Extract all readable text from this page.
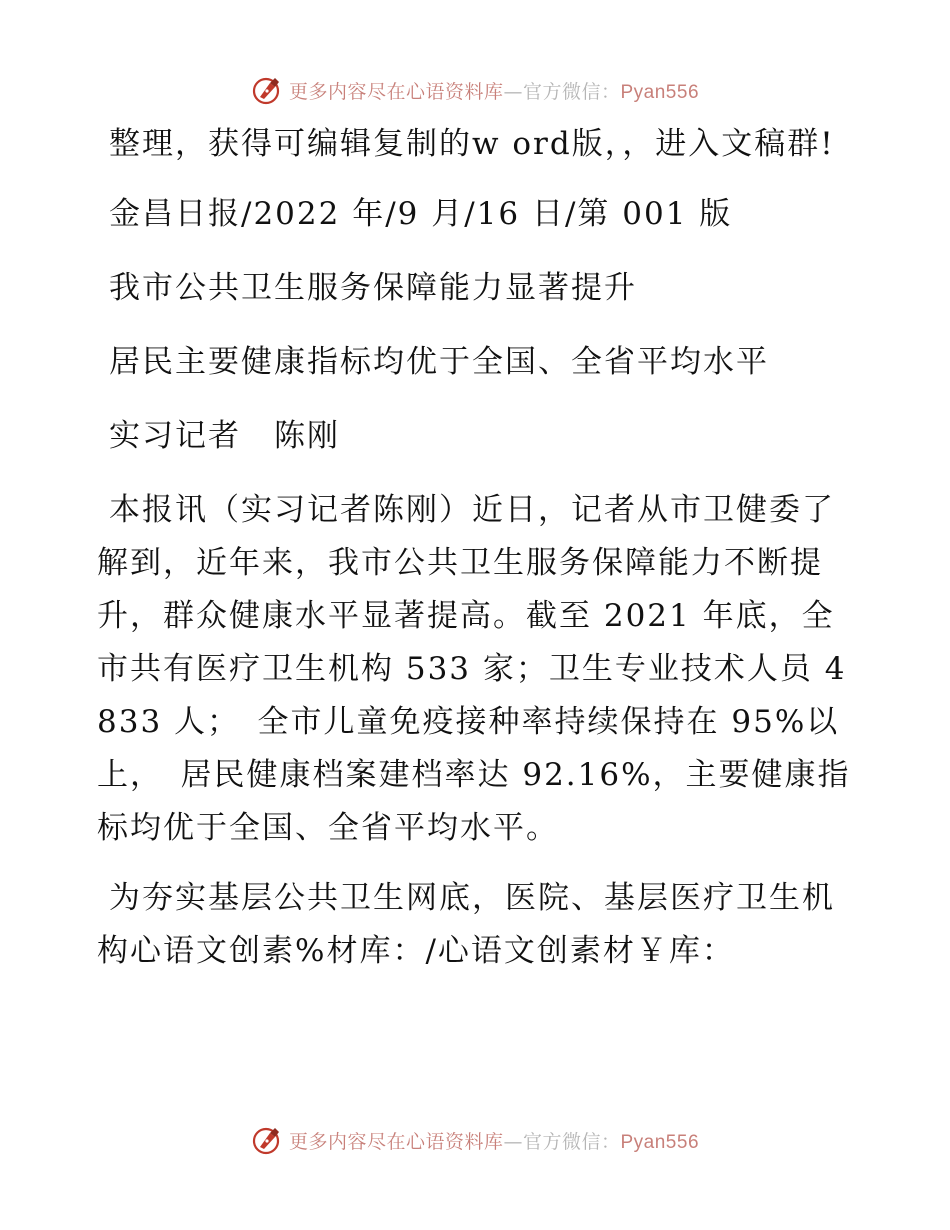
更多内容尽在心语资料库—官方微信：Pyan556
整理，获得可编辑复制的w ord版，，进入文稿群!
金昌日报/2022 年/9 月/16 日/第 001 版
我市公共卫生服务保障能力显著提升
居民主要健康指标均优于全国、全省平均水平
实习记者　陈刚
本报讯（实习记者陈刚）近日，记者从市卫健委了解到，近年来，我市公共卫生服务保障能力不断提升，群众健康水平显著提高。截至 2021 年底，全市共有医疗卫生机构 533 家；卫生专业技术人员 4833 人；　全市儿童免疫接种率持续保持在 95%以上，　居民健康档案建档率达 92.16%，主要健康指标均优于全国、全省平均水平。
为夯实基层公共卫生网底，医院、基层医疗卫生机构心语文创素%材库：/心语文创素材￥库：
更多内容尽在心语资料库—官方微信：Pyan556
